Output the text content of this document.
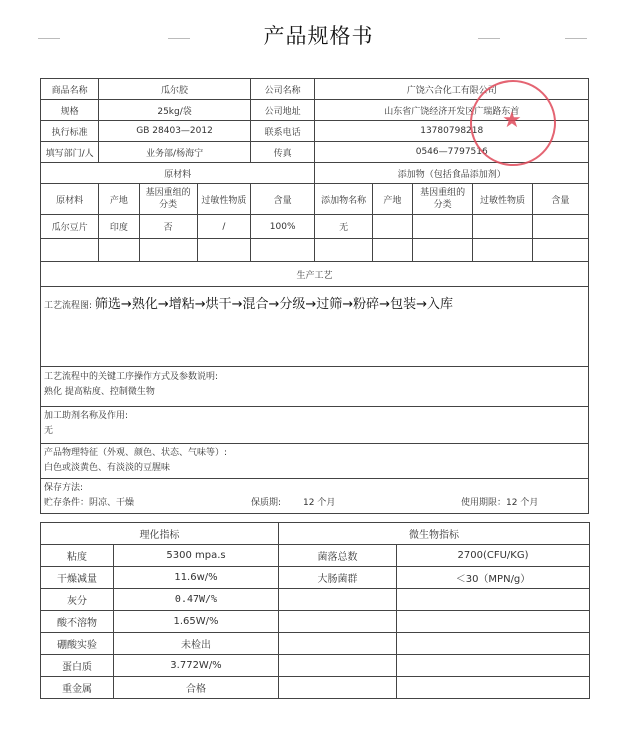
产品规格书
商品名称	瓜尔胶			公司名称	广饶六合化工有限公司				
规格	25kg/袋			公司地址	山东省广饶经济开发区广瑞路东首				
执行标准	GB 28403—2012			联系电话	13780798218				
填写部门/人	业务部/杨海宁			传真	0546—7797516				
原材料					添加物（包括食品添加剂）				
原材料	产地	基因重组的分类	过敏性物质	含量	添加物名称	产地	基因重组的分类	过敏性物质	含量
瓜尔豆片	印度	否	/	100%	无				

生产工艺									
工艺流程图: 筛选→熟化→增粘→烘干→混合→分级→过筛→粉碎→包装→入库									

工艺流程中的关键工序操作方式及参数说明:
熟化 提高粘度、控制微生物									

加工助剂名称及作用:
无									

产品物理特征（外观、颜色、状态、气味等）:
白色或淡黄色、有淡淡的豆腥味									

保存方法:
贮存条件：阴凉、干燥 保质期: 12 个月 使用期限：12 个月									
★
理化指标		微生物指标	
粘度	5300 mpa.s	菌落总数	2700(CFU/KG)
干燥减量	11.6w/%	大肠菌群	＜30（MPN/g）
灰分	0.47W/%		
酸不溶物	1.65W/%		
硼酸实验	未检出		
蛋白质	3.772W/%		
重金属	合格		
